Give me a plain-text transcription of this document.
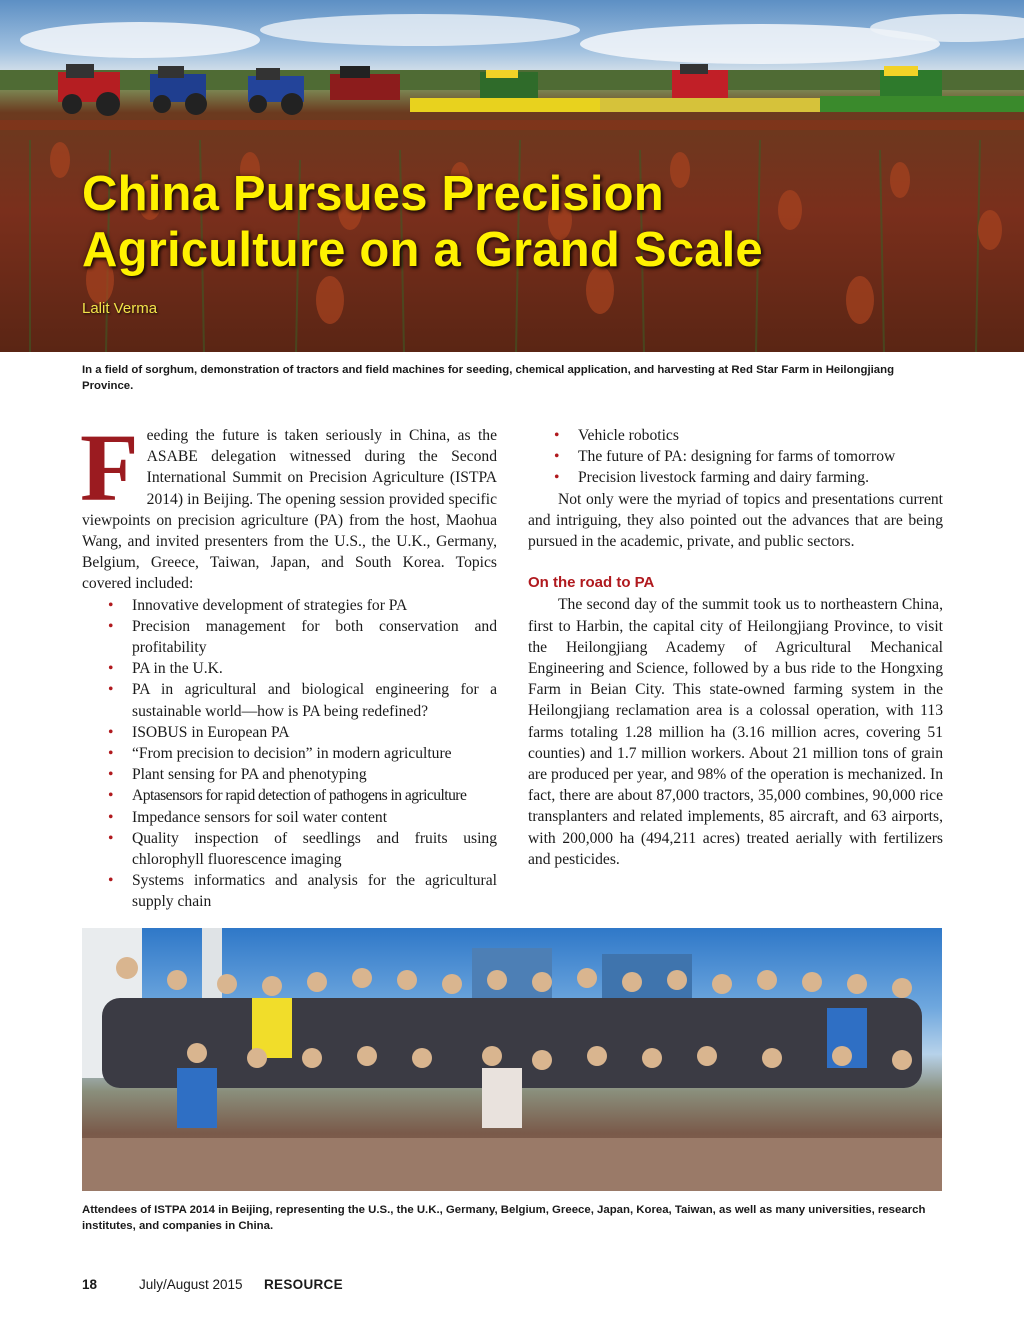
China Pursues Precision
Agriculture on a Grand Scale
Lalit Verma
In a field of sorghum, demonstration of tractors and field machines for seeding, chemical application, and harvesting at Red Star Farm in Heilongjiang Province.

Feeding the future is taken seriously in China, as the ASABE delegation witnessed during the Second International Summit on Precision Agriculture (ISTPA 2014) in Beijing. The opening session provided specific viewpoints on precision agriculture (PA) from the host, Maohua Wang, and invited presenters from the U.S., the U.K., Germany, Belgium, Greece, Taiwan, Japan, and South Korea. Topics covered included:

• Innovative development of strategies for PA
• Precision management for both conservation and profitability
• PA in the U.K.
• PA in agricultural and biological engineering for a sustainable world—how is PA being redefined?
• ISOBUS in European PA
• “From precision to decision” in modern agriculture
• Plant sensing for PA and phenotyping
• Aptasensors for rapid detection of pathogens in agriculture
• Impedance sensors for soil water content
• Quality inspection of seedlings and fruits using chlorophyll fluorescence imaging
• Systems informatics and analysis for the agricultural supply chain
• Vehicle robotics
• The future of PA: designing for farms of tomorrow
• Precision livestock farming and dairy farming.

Not only were the myriad of topics and presentations current and intriguing, they also pointed out the advances that are being pursued in the academic, private, and public sectors.

On the road to PA

The second day of the summit took us to northeastern China, first to Harbin, the capital city of Heilongjiang Province, to visit the Heilongjiang Academy of Agricultural Mechanical Engineering and Science, followed by a bus ride to the Hongxing Farm in Beian City. This state-owned farming system in the Heilongjiang reclamation area is a colossal operation, with 113 farms totaling 1.28 million ha (3.16 million acres, covering 51 counties) and 1.7 million workers. About 21 million tons of grain are produced per year, and 98% of the operation is mechanized. In fact, there are about 87,000 tractors, 35,000 combines, 90,000 rice transplanters and related implements, 85 aircraft, and 63 airports, with 200,000 ha (494,211 acres) treated aerially with fertilizers and pesticides.

Attendees of ISTPA 2014 in Beijing, representing the U.S., the U.K., Germany, Belgium, Greece, Japan, Korea, Taiwan, as well as many universities, research institutes, and companies in China.
18	July/August 2015 RESOURCE
